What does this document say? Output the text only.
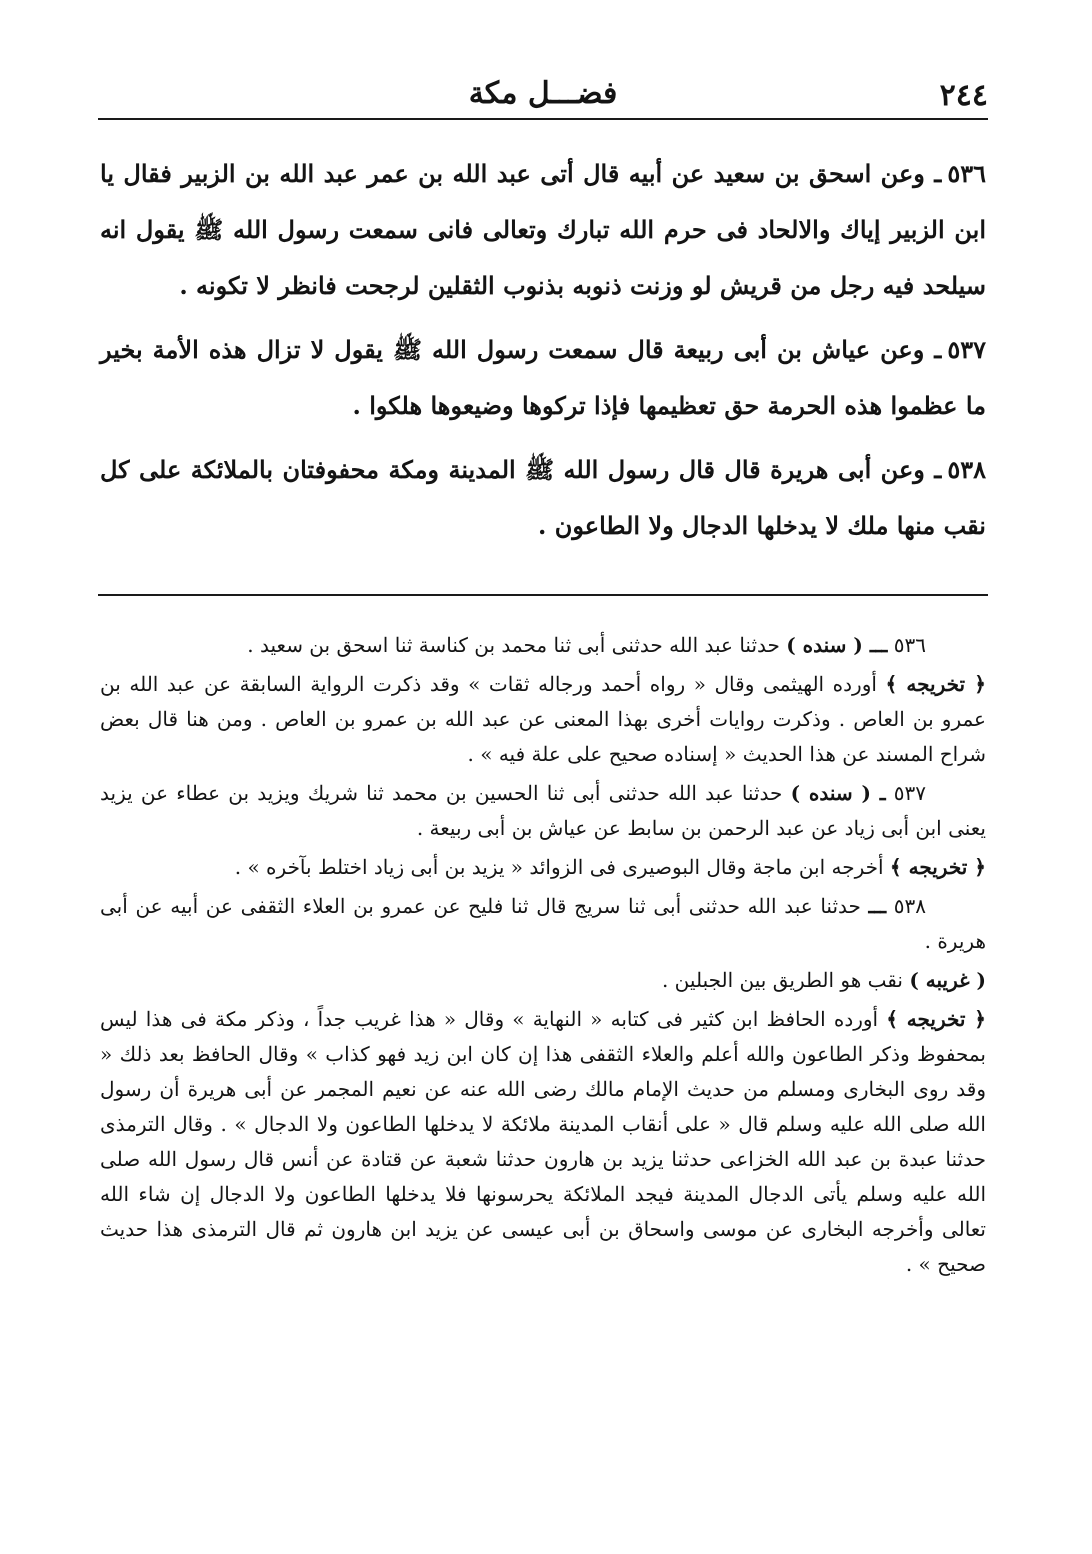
٢٤٤
فضـــل مكة

٥٣٦ـ وعن اسحق بن سعيد عن أبيه قال أتى عبد الله بن عمر عبد الله بن الزبير فقال يا ابن الزبير إياك والالحاد فى حرم الله تبارك وتعالى فانى سمعت رسول الله ﷺ يقول انه سيلحد فيه رجل من قريش لو وزنت ذنوبه بذنوب الثقلين لرجحت فانظر لا تكونه .

٥٣٧ـ وعن عياش بن أبى ربيعة قال سمعت رسول الله ﷺ يقول لا تزال هذه الأمة بخير ما عظموا هذه الحرمة حق تعظيمها فإذا تركوها وضيعوها هلكوا .

٥٣٨ـ وعن أبى هريرة قال قال رسول الله ﷺ المدينة ومكة محفوفتان بالملائكة على كل نقب منها ملك لا يدخلها الدجال ولا الطاعون .

٥٣٦ ـــ ( سنده ) حدثنا عبد الله حدثنى أبى ثنا محمد بن كناسة ثنا اسحق بن سعيد .

﴿ تخريجه ﴾ أورده الهيثمى وقال « رواه أحمد ورجاله ثقات » وقد ذكرت الرواية السابقة عن عبد الله بن عمرو بن العاص . وذكرت روايات أخرى بهذا المعنى عن عبد الله بن عمرو بن العاص . ومن هنا قال بعض شراح المسند عن هذا الحديث « إسناده صحيح على علة فيه » .

٥٣٧ ـ ( سنده ) حدثنا عبد الله حدثنى أبى ثنا الحسين بن محمد ثنا شريك ويزيد بن عطاء عن يزيد يعنى ابن أبى زياد عن عبد الرحمن بن سابط عن عياش بن أبى ربيعة .

﴿ تخريجه ﴾ أخرجه ابن ماجة وقال البوصيرى فى الزوائد « يزيد بن أبى زياد اختلط بآخره » .

٥٣٨ ـــ حدثنا عبد الله حدثنى أبى ثنا سريج قال ثنا فليح عن عمرو بن العلاء الثقفى عن أبيه عن أبى هريرة .

( غريبه ) نقب هو الطريق بين الجبلين .

﴿ تخريجه ﴾ أورده الحافظ ابن كثير فى كتابه « النهاية » وقال « هذا غريب جداً ، وذكر مكة فى هذا ليس بمحفوظ وذكر الطاعون والله أعلم والعلاء الثقفى هذا إن كان ابن زيد فهو كذاب » وقال الحافظ بعد ذلك « وقد روى البخارى ومسلم من حديث الإمام مالك رضى الله عنه عن نعيم المجمر عن أبى هريرة أن رسول الله صلى الله عليه وسلم قال « على أنقاب المدينة ملائكة لا يدخلها الطاعون ولا الدجال » . وقال الترمذى حدثنا عبدة بن عبد الله الخزاعى حدثنا يزيد بن هارون حدثنا شعبة عن قتادة عن أنس قال رسول الله صلى الله عليه وسلم يأتى الدجال المدينة فيجد الملائكة يحرسونها فلا يدخلها الطاعون ولا الدجال إن شاء الله تعالى وأخرجه البخارى عن موسى واسحاق بن أبى عيسى عن يزيد ابن هارون ثم قال الترمذى هذا حديث صحيح » .
